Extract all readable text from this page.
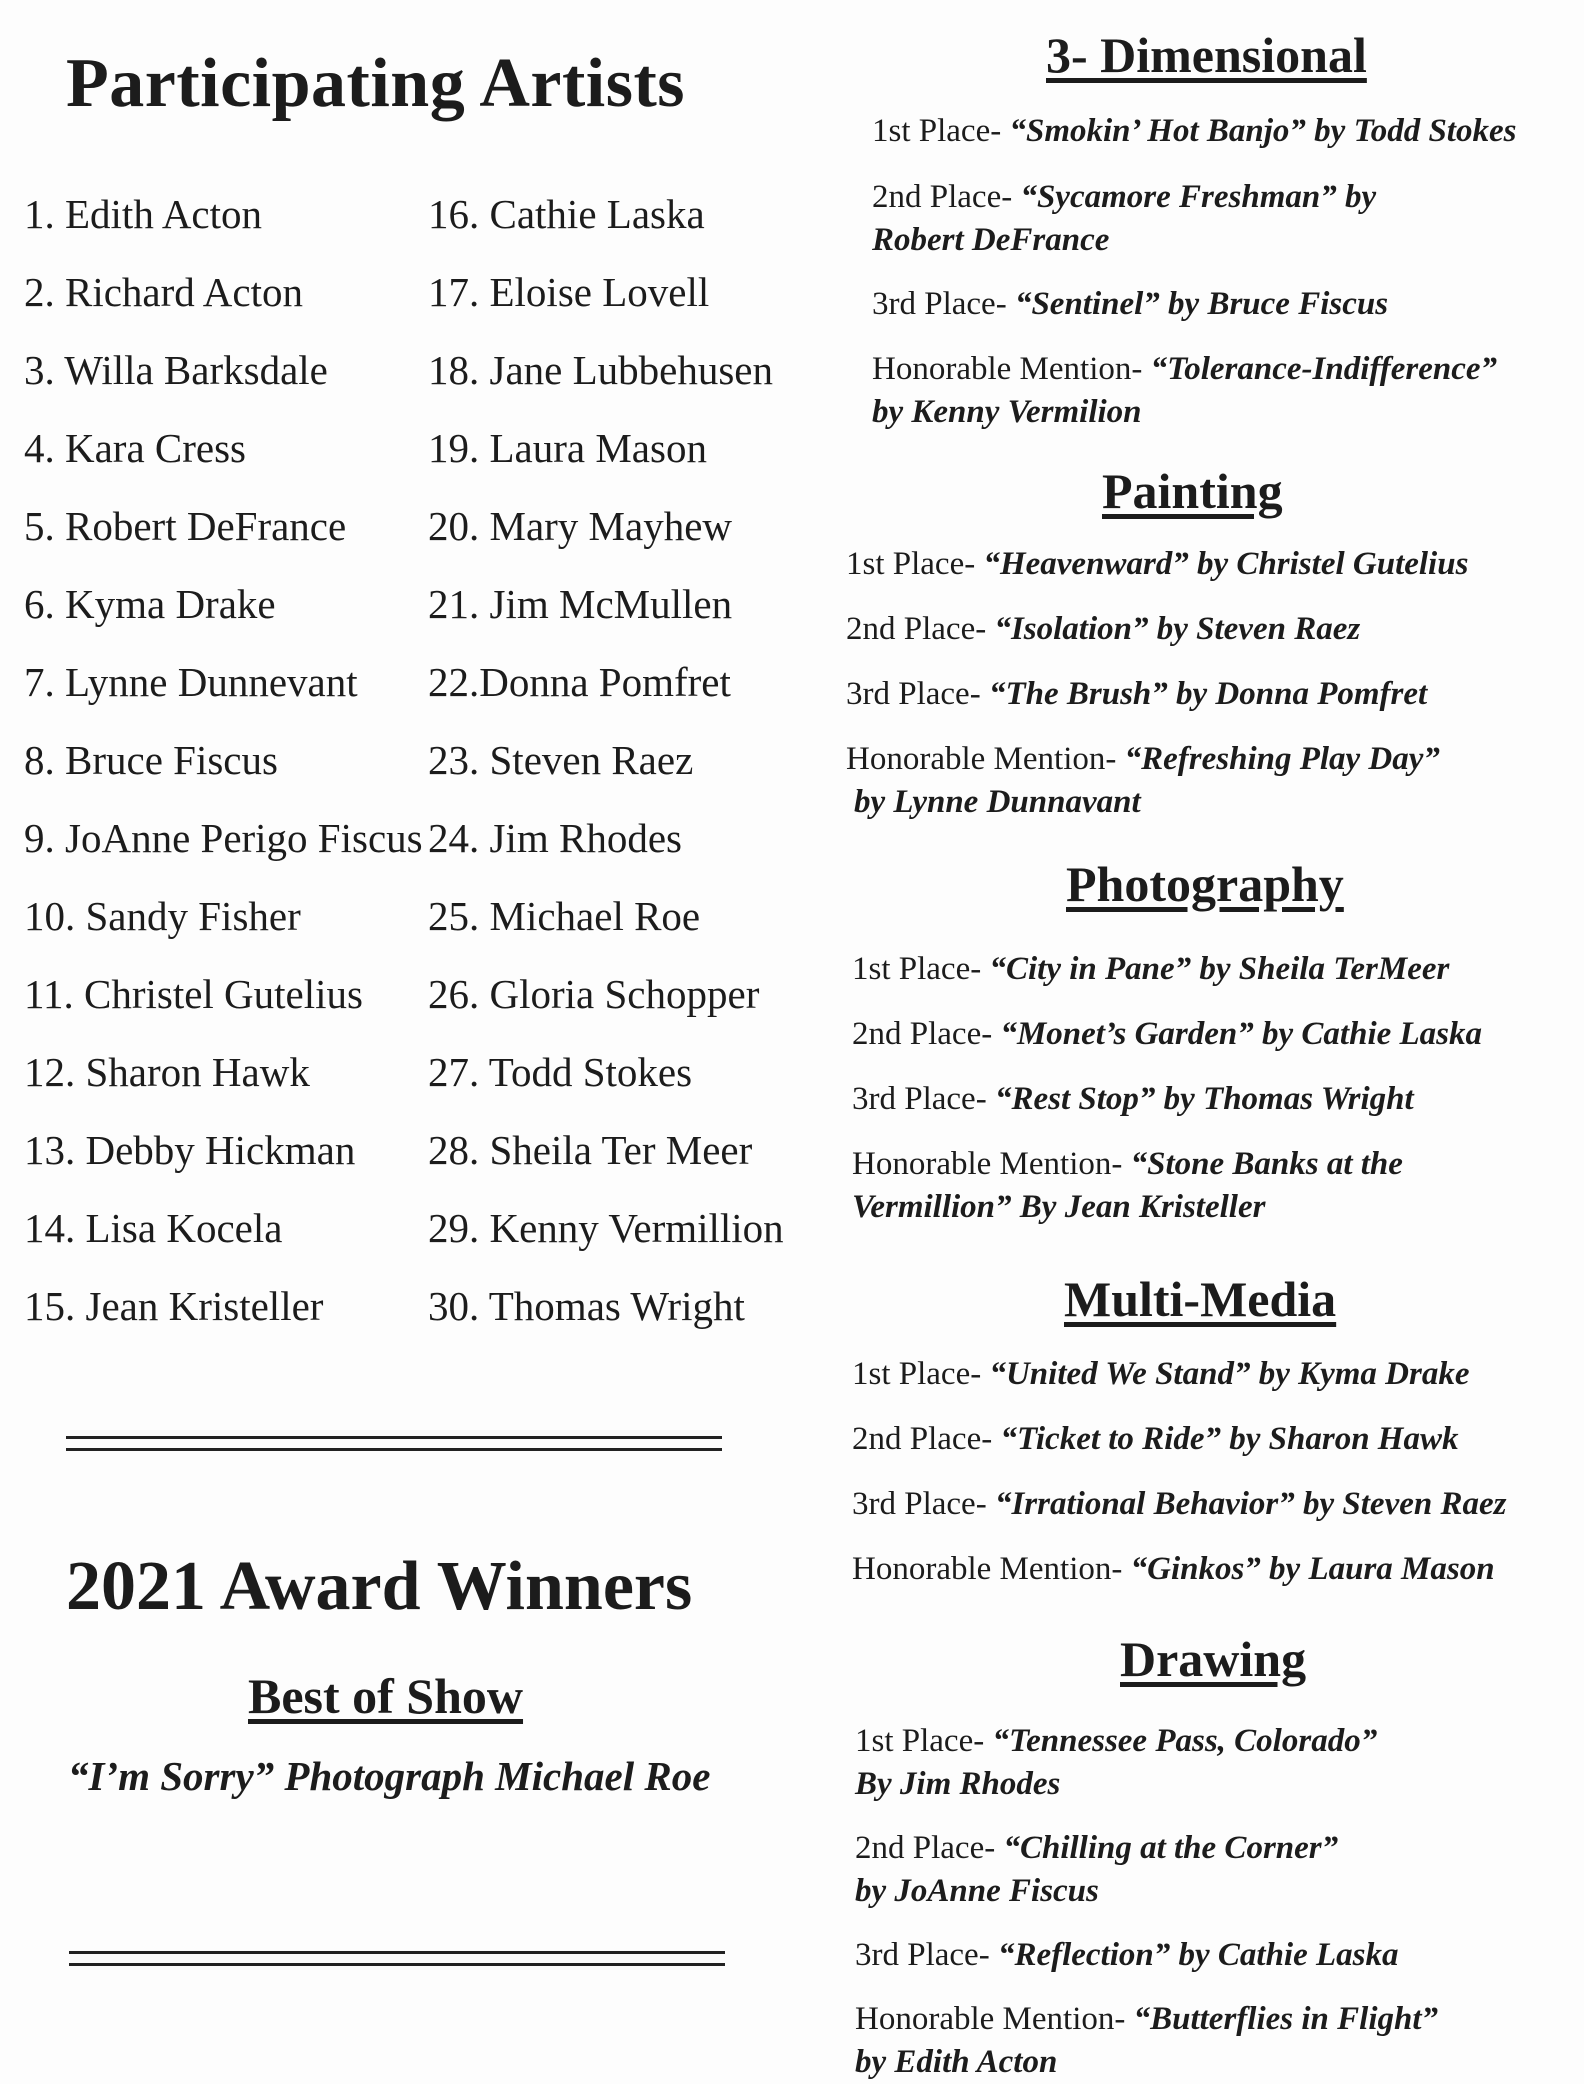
Participating Artists
1. Edith Acton
2. Richard Acton
3. Willa Barksdale
4. Kara Cress
5. Robert DeFrance
6. Kyma Drake
7. Lynne Dunnevant
8. Bruce Fiscus
9. JoAnne Perigo Fiscus
10. Sandy Fisher
11. Christel Gutelius
12. Sharon Hawk
13. Debby Hickman
14. Lisa Kocela
15. Jean Kristeller
16. Cathie Laska
17. Eloise Lovell
18. Jane Lubbehusen
19. Laura Mason
20. Mary Mayhew
21. Jim McMullen
22.Donna Pomfret
23. Steven Raez
24. Jim Rhodes
25. Michael Roe
26. Gloria Schopper
27. Todd Stokes
28. Sheila Ter Meer
29. Kenny Vermillion
30. Thomas Wright
2021 Award Winners
Best of Show
“I’m Sorry” Photograph Michael Roe
3- Dimensional
1st Place- “Smokin’ Hot Banjo” by Todd Stokes
2nd Place- “Sycamore Freshman” by
Robert DeFrance
3rd Place- “Sentinel” by Bruce Fiscus
Honorable Mention- “Tolerance-Indifference”
by Kenny Vermilion
Painting
1st Place- “Heavenward” by Christel Gutelius
2nd Place- “Isolation” by Steven Raez
3rd Place- “The Brush” by Donna Pomfret
Honorable Mention- “Refreshing Play Day”
by Lynne Dunnavant
Photography
1st Place- “City in Pane” by Sheila TerMeer
2nd Place- “Monet’s Garden” by Cathie Laska
3rd Place- “Rest Stop” by Thomas Wright
Honorable Mention- “Stone Banks at the
Vermillion” By Jean Kristeller
Multi-Media
1st Place- “United We Stand” by Kyma Drake
2nd Place- “Ticket to Ride” by Sharon Hawk
3rd Place- “Irrational Behavior” by Steven Raez
Honorable Mention- “Ginkos” by Laura Mason
Drawing
1st Place- “Tennessee Pass, Colorado”
By Jim Rhodes
2nd Place- “Chilling at the Corner”
by JoAnne Fiscus
3rd Place- “Reflection” by Cathie Laska
Honorable Mention- “Butterflies in Flight”
by Edith Acton
